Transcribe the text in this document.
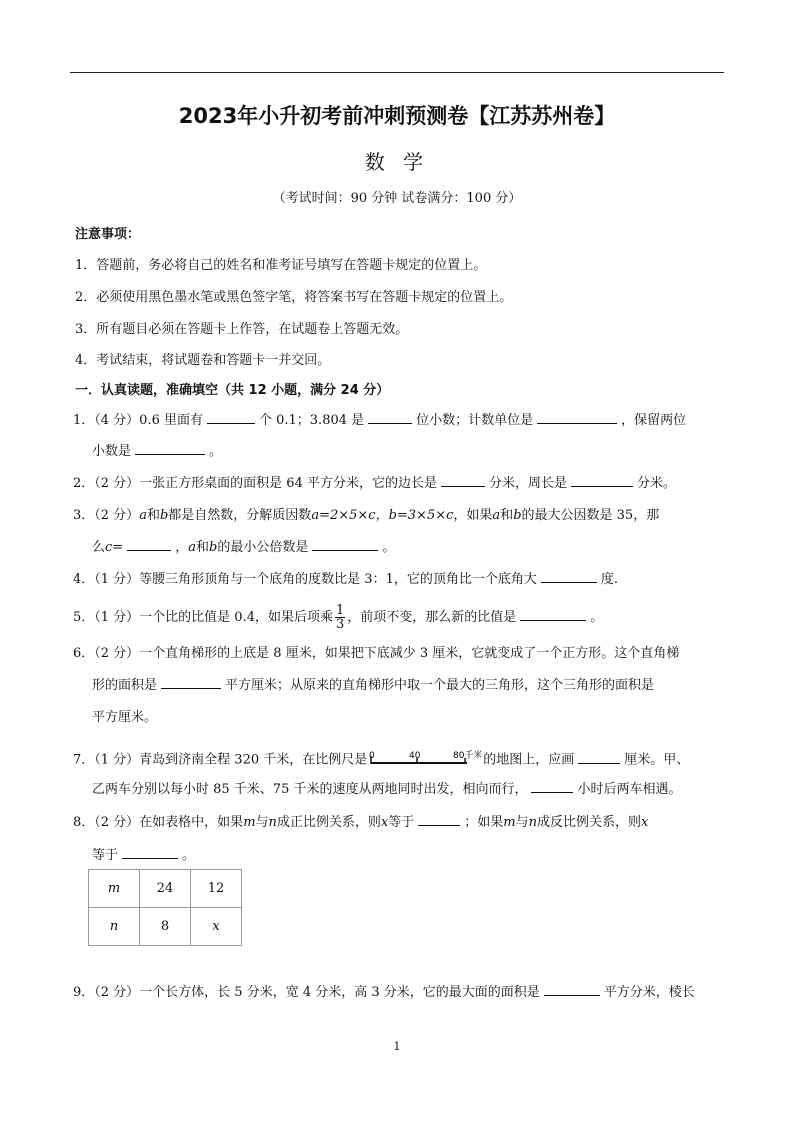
2023年小升初考前冲刺预测卷【江苏苏州卷】
数 学
（考试时间：90 分钟 试卷满分：100 分）
注意事项：
1．答题前，务必将自己的姓名和准考证号填写在答题卡规定的位置上。
2．必须使用黑色墨水笔或黑色签字笔，将答案书写在答题卡规定的位置上。
3．所有题目必须在答题卡上作答，在试题卷上答题无效。
4．考试结束，将试题卷和答题卡一并交回。
一．认真读题，准确填空（共 12 小题，满分 24 分）
1．（4 分）0.6 里面有	个 0.1；3.804 是	位小数；计数单位是	，保留两位
小数是	。
2．（2 分）一张正方形桌面的面积是 64 平方分米，它的边长是	分米，周长是	分米。
3．（2 分）a和b都是自然数，分解质因数a=2×5×c，b=3×5×c，如果a和b的最大公因数是 35，那
么c=	，a和b的最小公倍数是	。
4．（1 分）等腰三角形顶角与一个底角的度数比是 3：1，它的顶角比一个底角大	度.
5．（1 分）一个比的比值是 0.4，如果后项乘 $\frac{1}{3}$ ，前项不变，那么新的比值是	。
6．（2 分）一个直角梯形的上底是 8 厘米，如果把下底减少 3 厘米，它就变成了一个正方形。这个直角梯
形的面积是	平方厘米；从原来的直角梯形中取一个最大的三角形，这个三角形的面积是
平方厘米。
7．（1 分）青岛到济南全程 320 千米，在比例尺是 0	40	80千米 的地图上，应画	厘米。甲、
乙两车分别以每小时 85 千米、75 千米的速度从两地同时出发，相向而行，	小时后两车相遇。
8．（2 分）在如表格中，如果m与n成正比例关系，则x等于	；如果m与n成反比例关系，则x
等于	。
m	24	12
n	8	x
9．（2 分）一个长方体，长 5 分米，宽 4 分米，高 3 分米，它的最大面的面积是	平方分米，棱长
1
